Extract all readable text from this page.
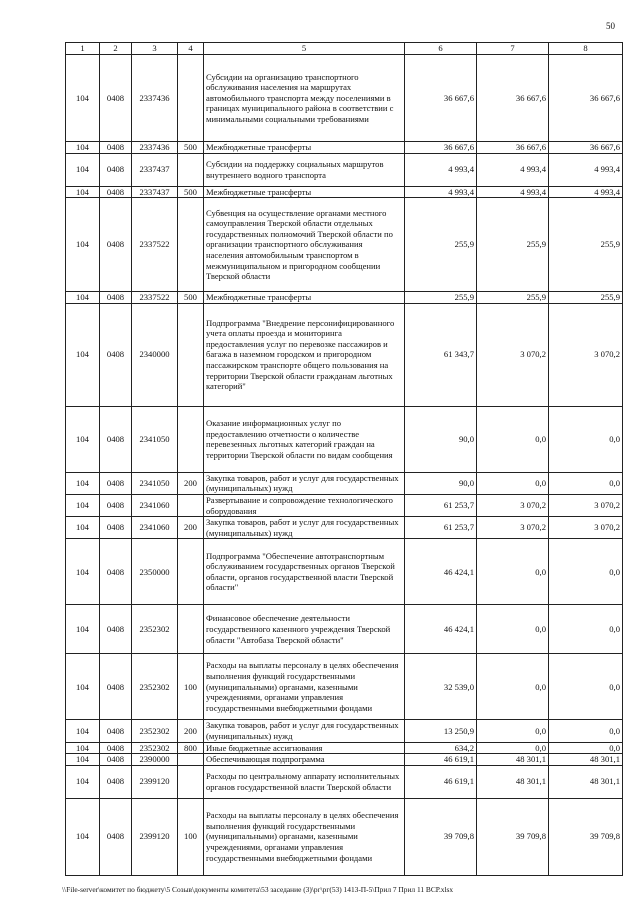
50
1	2	3	4	5	6	7	8
104	0408	2337436		Субсидии на организацию транспортного обслуживания населения на маршрутах автомобильного транспорта между поселениями в границах муниципального района в соответствии с минимальными социальными требованиями	36 667,6	36 667,6	36 667,6
104	0408	2337436	500	Межбюджетные трансферты	36 667,6	36 667,6	36 667,6
104	0408	2337437		Субсидии на поддержку социальных маршрутов внутреннего водного транспорта	4 993,4	4 993,4	4 993,4
104	0408	2337437	500	Межбюджетные трансферты	4 993,4	4 993,4	4 993,4
104	0408	2337522		Субвенция на осуществление органами местного самоуправления Тверской области отдельных государственных полномочий Тверской области по организации транспортного обслуживания населения автомобильным транспортом в межмуниципальном и пригородном сообщении Тверской области	255,9	255,9	255,9
104	0408	2337522	500	Межбюджетные трансферты	255,9	255,9	255,9
104	0408	2340000		Подпрограмма "Внедрение персонифицированного учета оплаты проезда и мониторинга предоставления услуг по перевозке пассажиров и багажа в наземном городском и пригородном пассажирском транспорте общего пользования на территории Тверской области гражданам льготных категорий"	61 343,7	3 070,2	3 070,2
104	0408	2341050		Оказание информационных услуг по предоставлению отчетности о количестве перевезенных льготных категорий граждан на территории Тверской области по видам сообщения	90,0	0,0	0,0
104	0408	2341050	200	Закупка товаров, работ и услуг для государственных (муниципальных) нужд	90,0	0,0	0,0
104	0408	2341060		Развертывание и сопровождение технологического оборудования	61 253,7	3 070,2	3 070,2
104	0408	2341060	200	Закупка товаров, работ и услуг для государственных (муниципальных) нужд	61 253,7	3 070,2	3 070,2
104	0408	2350000		Подпрограмма "Обеспечение автотранспортным обслуживанием государственных органов Тверской области, органов государственной власти Тверской области"	46 424,1	0,0	0,0
104	0408	2352302		Финансовое обеспечение деятельности государственного казенного учреждения Тверской области "Автобаза Тверской области"	46 424,1	0,0	0,0
104	0408	2352302	100	Расходы на выплаты персоналу в целях обеспечения выполнения функций государственными (муниципальными) органами, казенными учреждениями, органами управления государственными внебюджетными фондами	32 539,0	0,0	0,0
104	0408	2352302	200	Закупка товаров, работ и услуг для государственных (муниципальных) нужд	13 250,9	0,0	0,0
104	0408	2352302	800	Иные бюджетные ассигнования	634,2	0,0	0,0
104	0408	2390000		Обеспечивающая подпрограмма	46 619,1	48 301,1	48 301,1
104	0408	2399120		Расходы по центральному аппарату исполнительных органов государственной власти Тверской области	46 619,1	48 301,1	48 301,1
104	0408	2399120	100	Расходы на выплаты персоналу в целях обеспечения выполнения функций государственными (муниципальными) органами, казенными учреждениями, органами управления государственными внебюджетными фондами	39 709,8	39 709,8	39 709,8
\\File-server\комитет по бюджету\5 Созыв\документы комитета\53 заседание (3)\рг\рг(53) 1413-П-5\Прил 7 Прил 11 ВСР.xlsx
